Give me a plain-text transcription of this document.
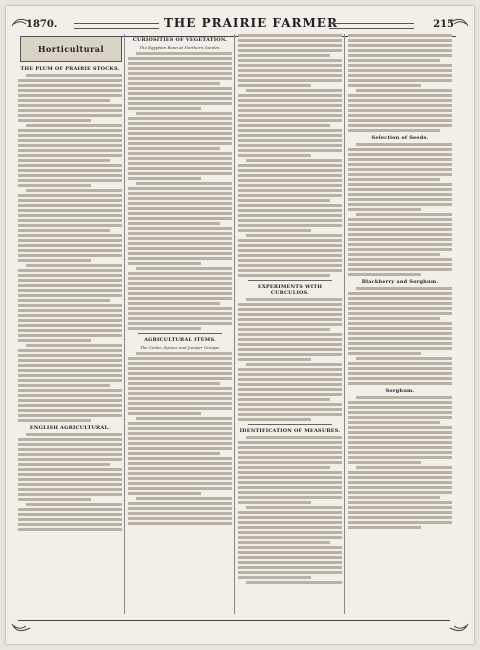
1870.	THE PRAIRIE FARMER	215
Horticultural
THE PLUM OF PRAIRIE STOCKS.
ENGLISH AGRICULTURAL.
CURIOSITIES OF VEGETATION.
The Egyptian Bean at Northern Garden.
AGRICULTURAL ITEMS.
The Cedar, Spruce and Juniper Groups.
EXPERIMENTS WITH CURCULIOS.
IDENTIFICATION OF MEASURES.
Selection of Seeds.
Blackberry and Sorghum.
Sorghum.
